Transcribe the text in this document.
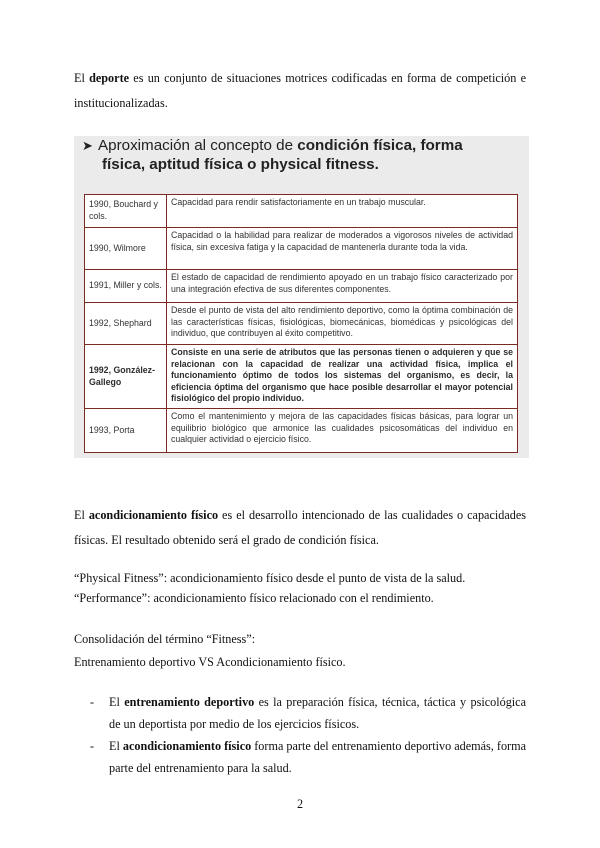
El deporte es un conjunto de situaciones motrices codificadas en forma de competición e institucionalizadas.
➤ Aproximación al concepto de condición física, forma
física, aptitud física o physical fitness.
1990, Bouchard y cols.	Capacidad para rendir satisfactoriamente en un trabajo muscular.
1990, Wilmore	Capacidad o la habilidad para realizar de moderados a vigorosos niveles de actividad física, sin excesiva fatiga y la capacidad de mantenerla durante toda la vida.
1991, Miller y cols.	El estado de capacidad de rendimiento apoyado en un trabajo físico caracterizado por una integración efectiva de sus diferentes componentes.
1992, Shephard	Desde el punto de vista del alto rendimiento deportivo, como la óptima combinación de las características físicas, fisiológicas, biomecánicas, biomédicas y psicológicas del individuo, que contribuyen al éxito competitivo.
1992, González-Gallego	Consiste en una serie de atributos que las personas tienen o adquieren y que se relacionan con la capacidad de realizar una actividad física, implica el funcionamiento óptimo de todos los sistemas del organismo, es decir, la eficiencia óptima del organismo que hace posible desarrollar el mayor potencial fisiológico del propio individuo.
1993, Porta	Como el mantenimiento y mejora de las capacidades físicas básicas, para lograr un equilibrio biológico que armonice las cualidades psicosomáticas del individuo en cualquier actividad o ejercicio físico.
El acondicionamiento físico es el desarrollo intencionado de las cualidades o capacidades físicas. El resultado obtenido será el grado de condición física.
“Physical Fitness”: acondicionamiento físico desde el punto de vista de la salud.
“Performance”: acondicionamiento físico relacionado con el rendimiento.
Consolidación del término “Fitness”:
Entrenamiento deportivo VS Acondicionamiento físico.
- El entrenamiento deportivo es la preparación física, técnica, táctica y psicológica de un deportista por medio de los ejercicios físicos.
- El acondicionamiento físico forma parte del entrenamiento deportivo además, forma parte del entrenamiento para la salud.
2
